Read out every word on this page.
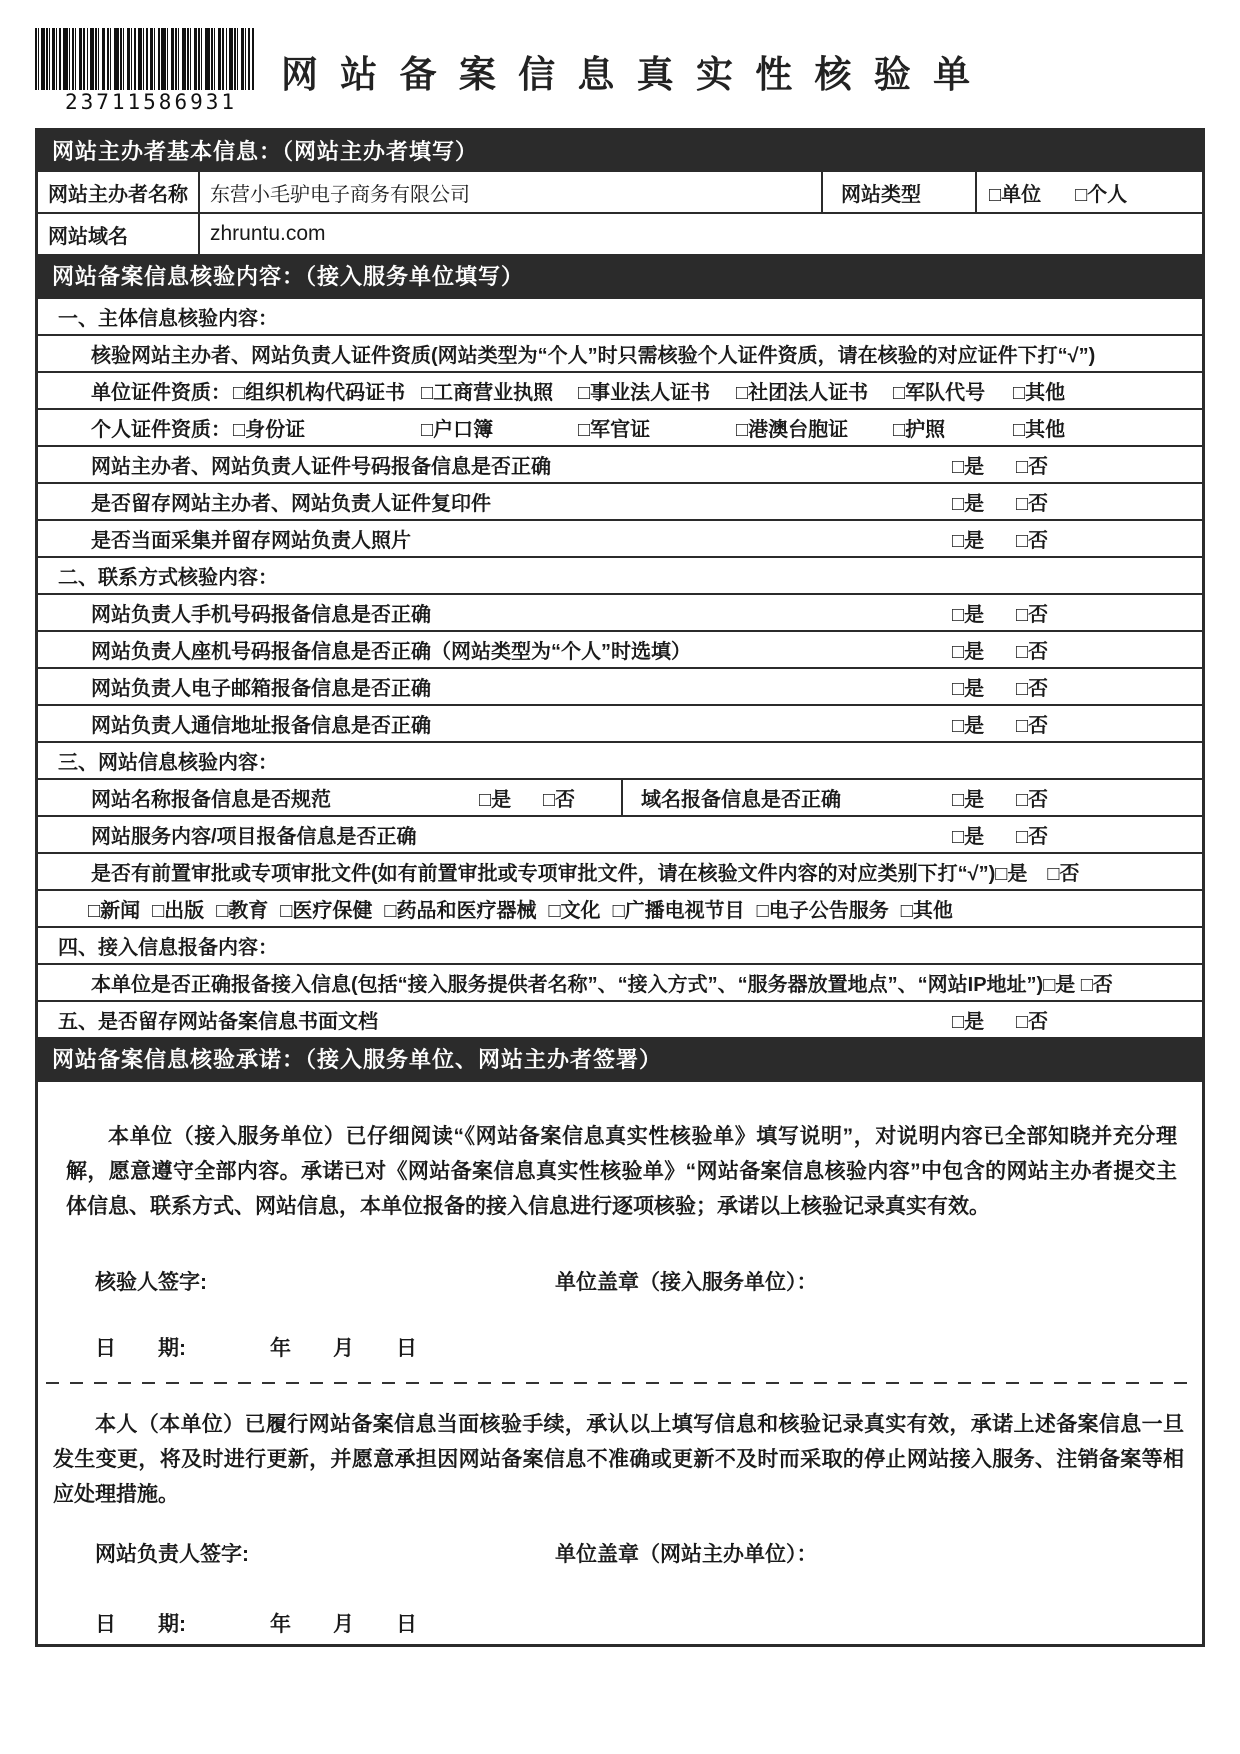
23711586931
网 站 备 案 信 息 真 实 性 核 验 单
网站主办者基本信息：（网站主办者填写）
网站主办者名称	东营小毛驴电子商务有限公司	网站类型	□单位 □个人
网站域名	zhruntu.com
网站备案信息核验内容：（接入服务单位填写）
一、主体信息核验内容：
核验网站主办者、网站负责人证件资质(网站类型为“个人”时只需核验个人证件资质，请在核验的对应证件下打“√”)
单位证件资质： □组织机构代码证书 □工商营业执照	□事业法人证书	□社团法人证书	□军队代号	□其他
个人证件资质： □身份证	□户口簿	□军官证	□港澳台胞证	□护照	□其他
网站主办者、网站负责人证件号码报备信息是否正确	□是	□否
是否留存网站主办者、网站负责人证件复印件	□是	□否
是否当面采集并留存网站负责人照片	□是	□否
二、联系方式核验内容：
网站负责人手机号码报备信息是否正确	□是	□否
网站负责人座机号码报备信息是否正确（网站类型为“个人”时选填）	□是	□否
网站负责人电子邮箱报备信息是否正确	□是	□否
网站负责人通信地址报备信息是否正确	□是	□否
三、网站信息核验内容：
网站名称报备信息是否规范	□是	□否	域名报备信息是否正确	□是	□否
网站服务内容/项目报备信息是否正确	□是	□否
是否有前置审批或专项审批文件(如有前置审批或专项审批文件，请在核验文件内容的对应类别下打“√”)□是　□否
□新闻 □出版 □教育 □医疗保健 □药品和医疗器械 □文化 □广播电视节目 □电子公告服务 □其他
四、接入信息报备内容：
本单位是否正确报备接入信息(包括“接入服务提供者名称”、“接入方式”、“服务器放置地点”、“网站IP地址”)□是 □否
五、是否留存网站备案信息书面文档	□是	□否
网站备案信息核验承诺：（接入服务单位、网站主办者签署）

本单位（接入服务单位）已仔细阅读“《网站备案信息真实性核验单》填写说明”，对说明内容已全部知晓并充分理解，愿意遵守全部内容。承诺已对《网站备案信息真实性核验单》“网站备案信息核验内容”中包含的网站主办者提交主体信息、联系方式、网站信息，本单位报备的接入信息进行逐项核验；承诺以上核验记录真实有效。

核验人签字:	单位盖章（接入服务单位）：
日　　期:　　　　年　　月　　日

本人（本单位）已履行网站备案信息当面核验手续，承认以上填写信息和核验记录真实有效，承诺上述备案信息一旦发生变更，将及时进行更新，并愿意承担因网站备案信息不准确或更新不及时而采取的停止网站接入服务、注销备案等相应处理措施。

网站负责人签字:	单位盖章（网站主办单位）：
日　　期:　　　　年　　月　　日
